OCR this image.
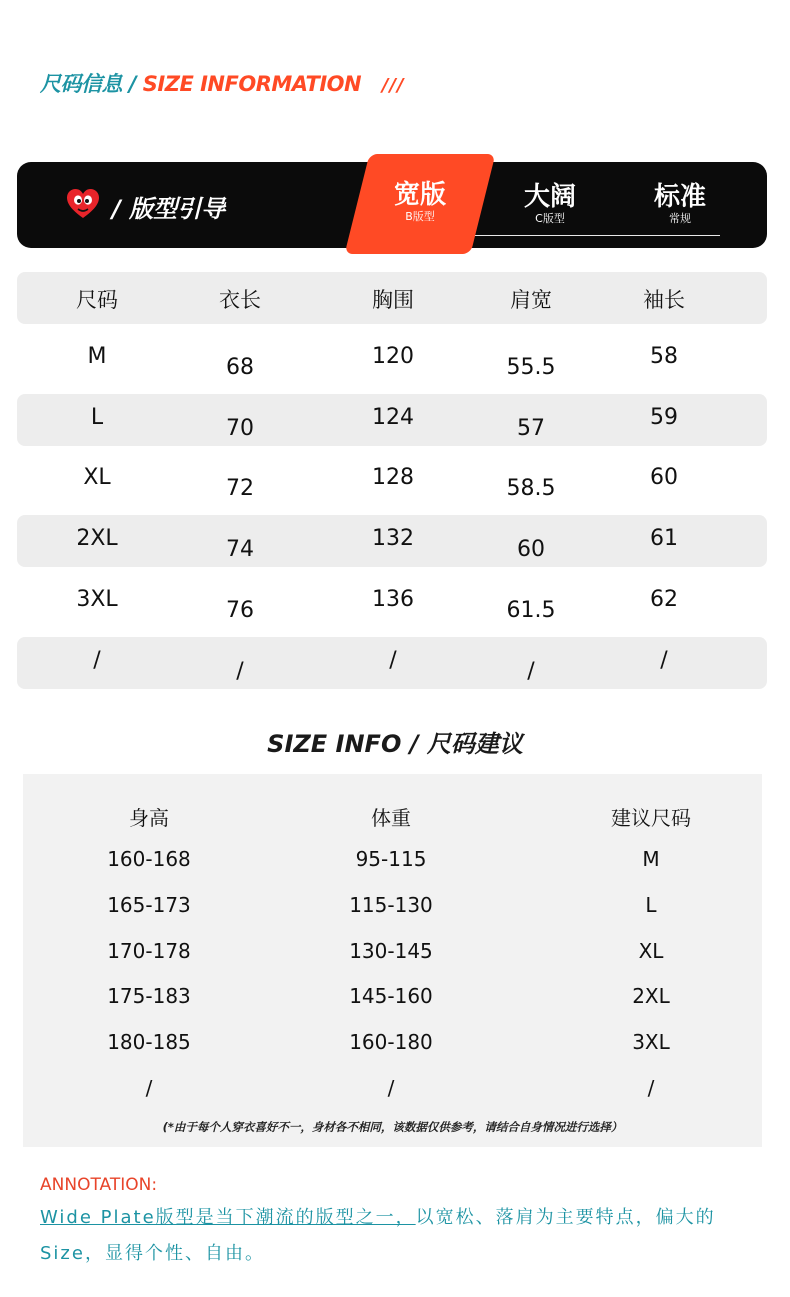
尺码信息 / SIZE INFORMATION ///
/ 版型引导	宽版
B版型
大阔
C版型
标准
常规
尺码	衣长	胸围	肩宽	袖长
M	68	120	55.5	58
L	70	124	57	59
XL	72	128	58.5	60
2XL	74	132	60	61
3XL	76	136	61.5	62
/	/	/	/	/
SIZE INFO / 尺码建议
身高	体重	建议尺码
160-168	95-115	M
165-173	115-130	L
170-178	130-145	XL
175-183	145-160	2XL
180-185	160-180	3XL
/	/	/
(*由于每个人穿衣喜好不一，身材各不相同，该数据仅供参考，请结合自身情况进行选择）
ANNOTATION:
Wide Plate版型是当下潮流的版型之一，以宽松、落肩为主要特点，偏大的Size，显得个性、自由。
